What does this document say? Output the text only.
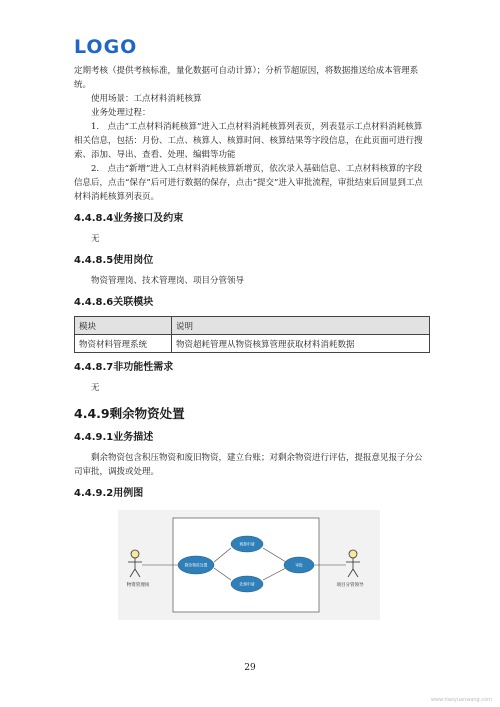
LOGO

定期考核（提供考核标准，量化数据可自动计算）；分析节超原因，将数据推送给成本管理系统。

使用场景：工点材料消耗核算

业务处理过程：

1.　点击“工点材料消耗核算”进入工点材料消耗核算列表页，列表显示工点材料消耗核算相关信息，包括：月份、工点、核算人、核算时间、核算结果等字段信息，在此页面可进行搜索、添加、导出、查看、处理、编辑等功能

2.　点击“新增”进入工点材料消耗核算新增页，依次录入基础信息、工点材料核算的字段信息后，点击“保存”后可进行数据的保存，点击“提交”进入审批流程，审批结束后回显到工点材料消耗核算列表页。

4.4.8.4业务接口及约束

无

4.4.8.5使用岗位

物资管理岗、技术管理岗、项目分管领导

4.4.8.6关联模块
模块	说明
物资材料管理系统	物资超耗管理从物资核算管理获取材料消耗数据
4.4.8.7非功能性需求

无

4.4.9剩余物资处置
4.4.9.1业务描述

剩余物资包含积压物资和废旧物资，建立台账；对剩余物资进行评估，提报意见报子分公司审批，调拨或处理。

4.4.9.2用例图
物资管理岗	项目分管领导
剩余物资处置
调拨申请
处理申请
审批
29
www.tiaoyuanwang.com
